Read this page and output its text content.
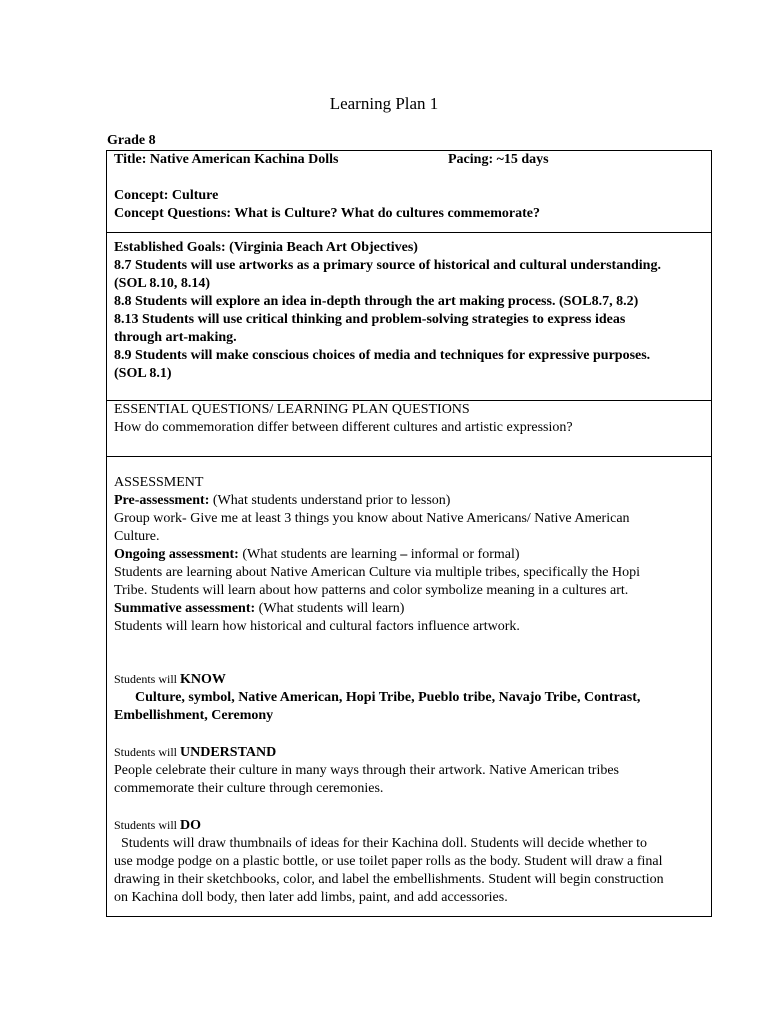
Learning Plan 1
Grade 8
Title: Native American Kachina Dolls	Pacing: ~15 days
Concept: Culture
Concept Questions: What is Culture? What do cultures commemorate?
Established Goals: (Virginia Beach Art Objectives)
8.7 Students will use artworks as a primary source of historical and cultural understanding.
(SOL 8.10, 8.14)
8.8 Students will explore an idea in-depth through the art making process. (SOL8.7, 8.2)
8.13 Students will use critical thinking and problem-solving strategies to express ideas
through art-making.
8.9 Students will make conscious choices of media and techniques for expressive purposes.
(SOL 8.1)
ESSENTIAL QUESTIONS/ LEARNING PLAN QUESTIONS
How do commemoration differ between different cultures and artistic expression?
ASSESSMENT
Pre-assessment: (What students understand prior to lesson)
Group work- Give me at least 3 things you know about Native Americans/ Native American
Culture.
Ongoing assessment: (What students are learning – informal or formal)
Students are learning about Native American Culture via multiple tribes, specifically the Hopi
Tribe. Students will learn about how patterns and color symbolize meaning in a cultures art.
Summative assessment: (What students will learn)
Students will learn how historical and cultural factors influence artwork.
Students will KNOW
Culture, symbol, Native American, Hopi Tribe, Pueblo tribe, Navajo Tribe, Contrast,
Embellishment, Ceremony
Students will UNDERSTAND
People celebrate their culture in many ways through their artwork. Native American tribes
commemorate their culture through ceremonies.
Students will DO
Students will draw thumbnails of ideas for their Kachina doll. Students will decide whether to
use modge podge on a plastic bottle, or use toilet paper rolls as the body. Student will draw a final
drawing in their sketchbooks, color, and label the embellishments. Student will begin construction
on Kachina doll body, then later add limbs, paint, and add accessories.
